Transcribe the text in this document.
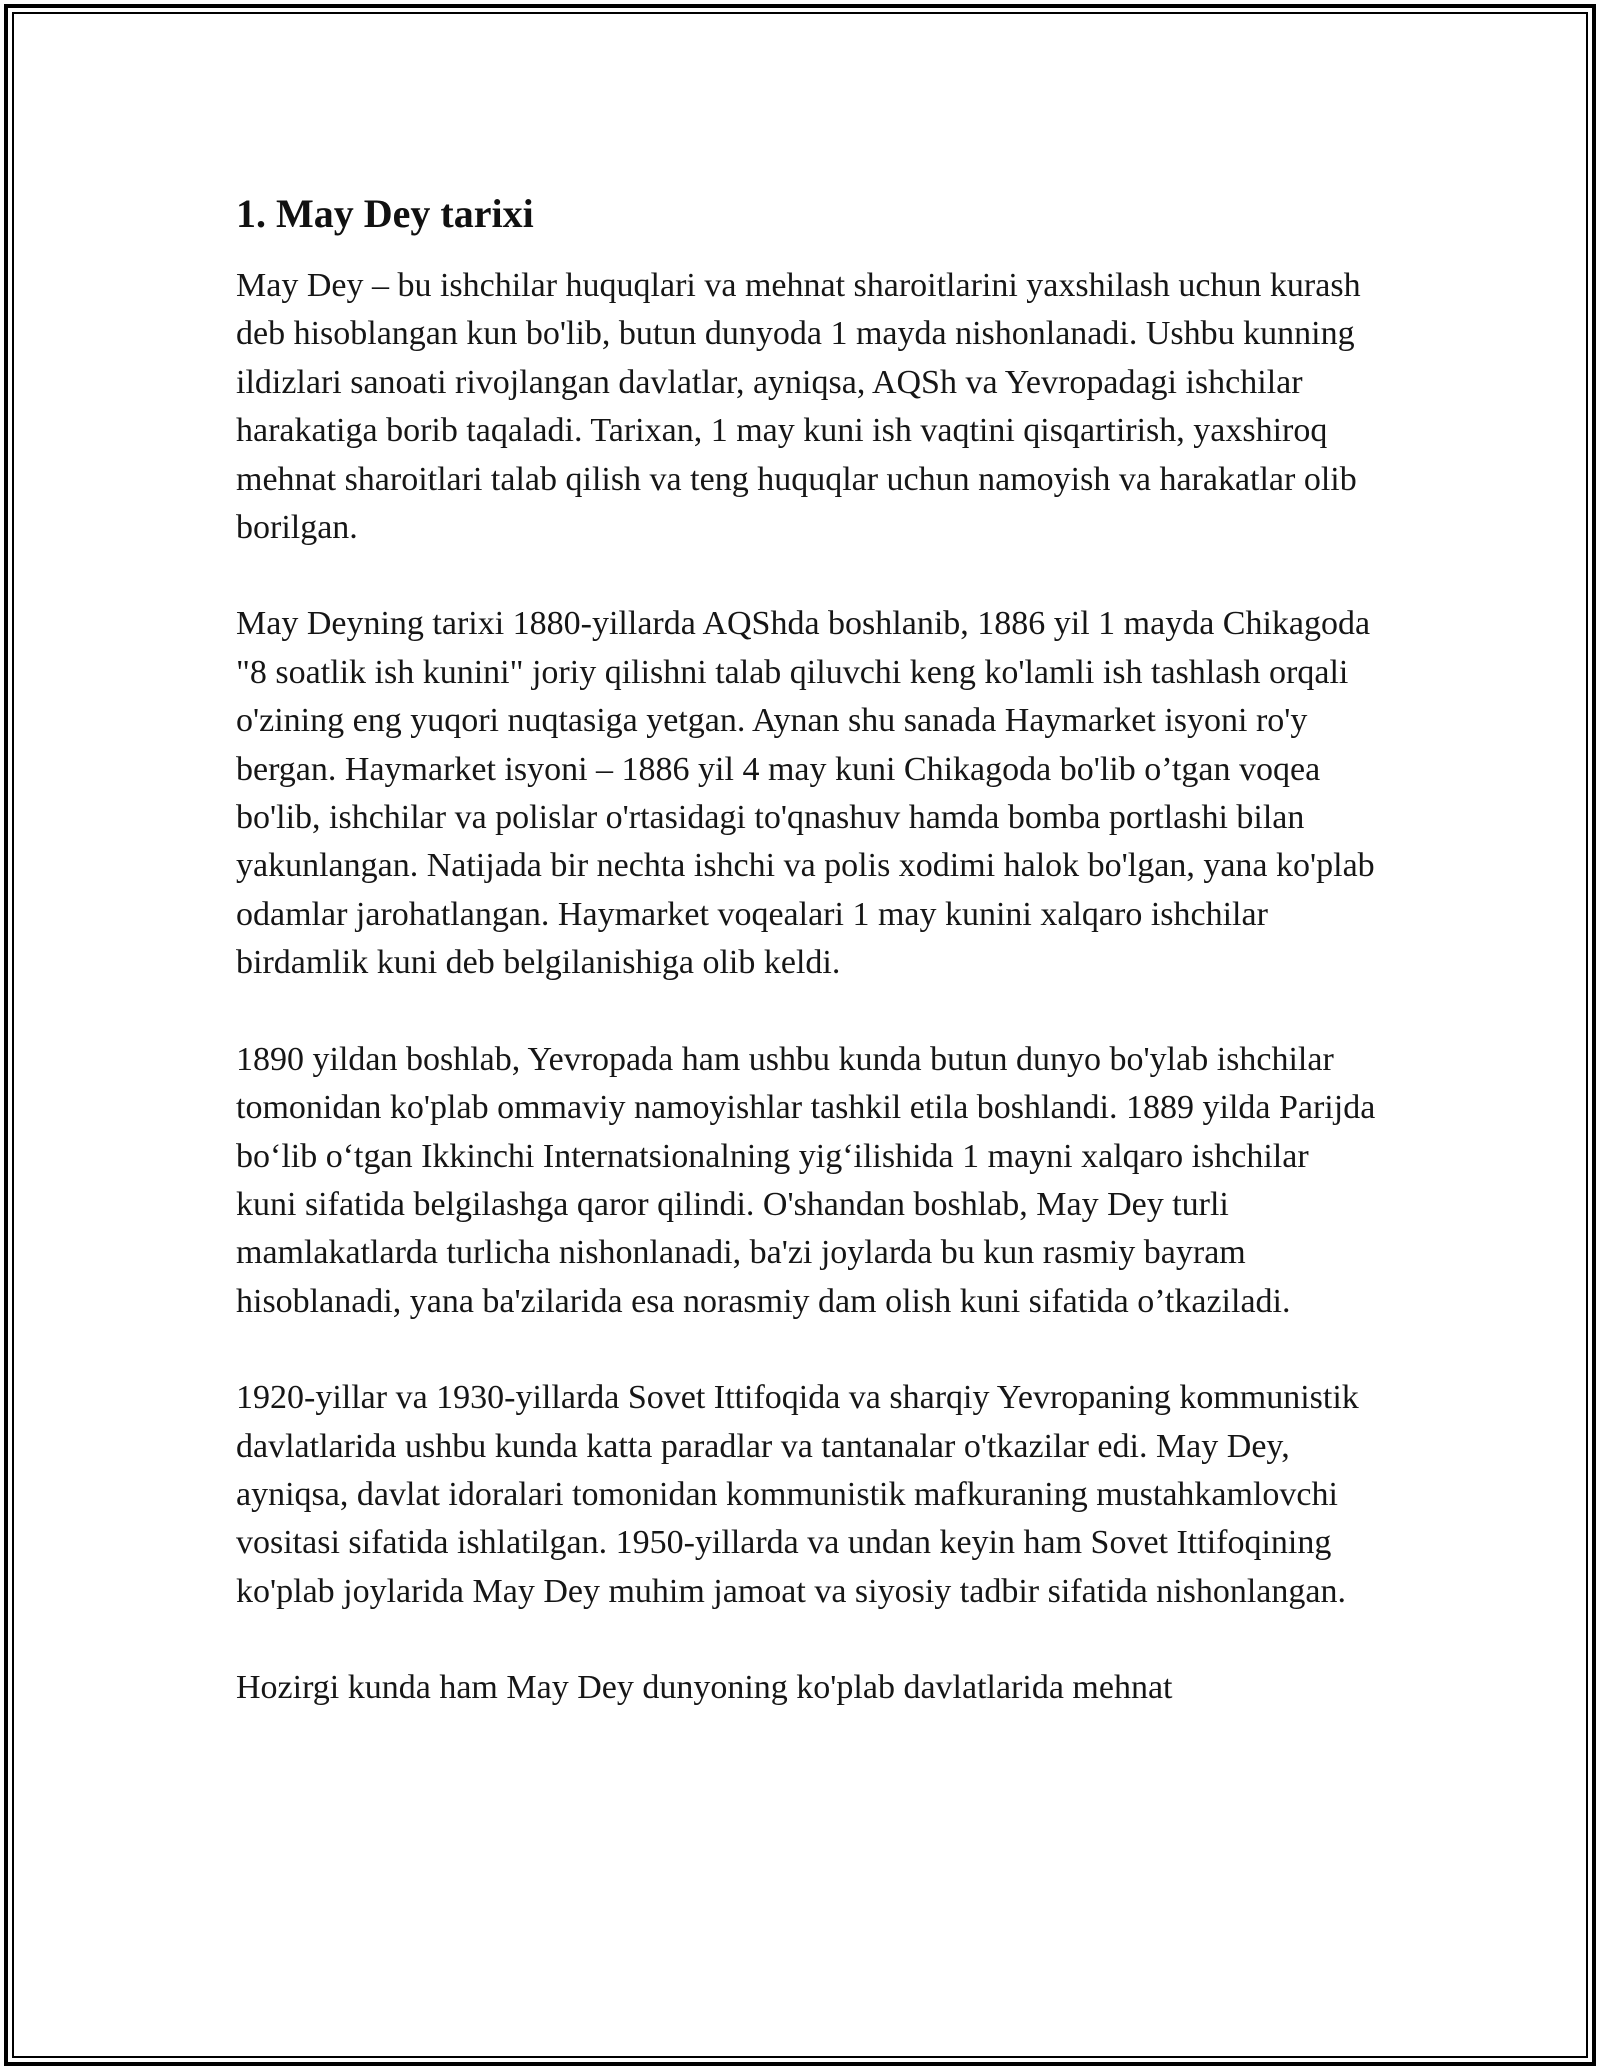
1. May Dey tarixi

May Dey – bu ishchilar huquqlari va mehnat sharoitlarini yaxshilash uchun kurash deb hisoblangan kun bo'lib, butun dunyoda 1 mayda nishonlanadi. Ushbu kunning ildizlari sanoati rivojlangan davlatlar, ayniqsa, AQSh va Yevropadagi ishchilar harakatiga borib taqaladi. Tarixan, 1 may kuni ish vaqtini qisqartirish, yaxshiroq mehnat sharoitlari talab qilish va teng huquqlar uchun namoyish va harakatlar olib borilgan.

May Deyning tarixi 1880-yillarda AQShda boshlanib, 1886 yil 1 mayda Chikagoda "8 soatlik ish kunini" joriy qilishni talab qiluvchi keng ko'lamli ish tashlash orqali o'zining eng yuqori nuqtasiga yetgan. Aynan shu sanada Haymarket isyoni ro'y bergan. Haymarket isyoni – 1886 yil 4 may kuni Chikagoda bo'lib o’tgan voqea bo'lib, ishchilar va polislar o'rtasidagi to'qnashuv hamda bomba portlashi bilan yakunlangan. Natijada bir nechta ishchi va polis xodimi halok bo'lgan, yana ko'plab odamlar jarohatlangan. Haymarket voqealari 1 may kunini xalqaro ishchilar birdamlik kuni deb belgilanishiga olib keldi.

1890 yildan boshlab, Yevropada ham ushbu kunda butun dunyo bo'ylab ishchilar tomonidan ko'plab ommaviy namoyishlar tashkil etila boshlandi. 1889 yilda Parijda bo‘lib o‘tgan Ikkinchi Internatsionalning yig‘ilishida 1 mayni xalqaro ishchilar kuni sifatida belgilashga qaror qilindi. O'shandan boshlab, May Dey turli mamlakatlarda turlicha nishonlanadi, ba'zi joylarda bu kun rasmiy bayram hisoblanadi, yana ba'zilarida esa norasmiy dam olish kuni sifatida o’tkaziladi.

1920-yillar va 1930-yillarda Sovet Ittifoqida va sharqiy Yevropaning kommunistik davlatlarida ushbu kunda katta paradlar va tantanalar o'tkazilar edi. May Dey, ayniqsa, davlat idoralari tomonidan kommunistik mafkuraning mustahkamlovchi vositasi sifatida ishlatilgan. 1950-yillarda va undan keyin ham Sovet Ittifoqining ko'plab joylarida May Dey muhim jamoat va siyosiy tadbir sifatida nishonlangan.

Hozirgi kunda ham May Dey dunyoning ko'plab davlatlarida mehnat
